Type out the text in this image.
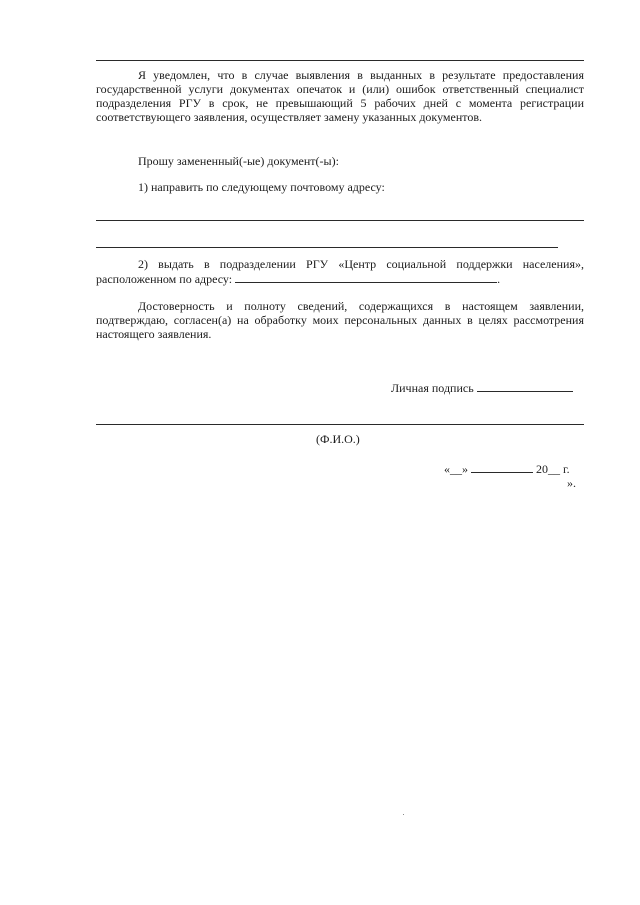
Я уведомлен, что в случае выявления в выданных в результате предоставления государственной услуги документах опечаток и (или) ошибок ответственный специалист подразделения РГУ в срок, не превышающий 5 рабочих дней с момента регистрации соответствующего заявления, осуществляет замену указанных документов.

Прошу замененный(-ые) документ(-ы):

1) направить по следующему почтовому адресу:

2) выдать в подразделении РГУ «Центр социальной поддержки населения», расположенном по адресу:	.

Достоверность и полноту сведений, содержащихся в настоящем заявлении, подтверждаю, согласен(а) на обработку моих персональных данных в целях рассмотрения настоящего заявления.

Личная подпись

(Ф.И.О.)

«__»	20__ г.

».
